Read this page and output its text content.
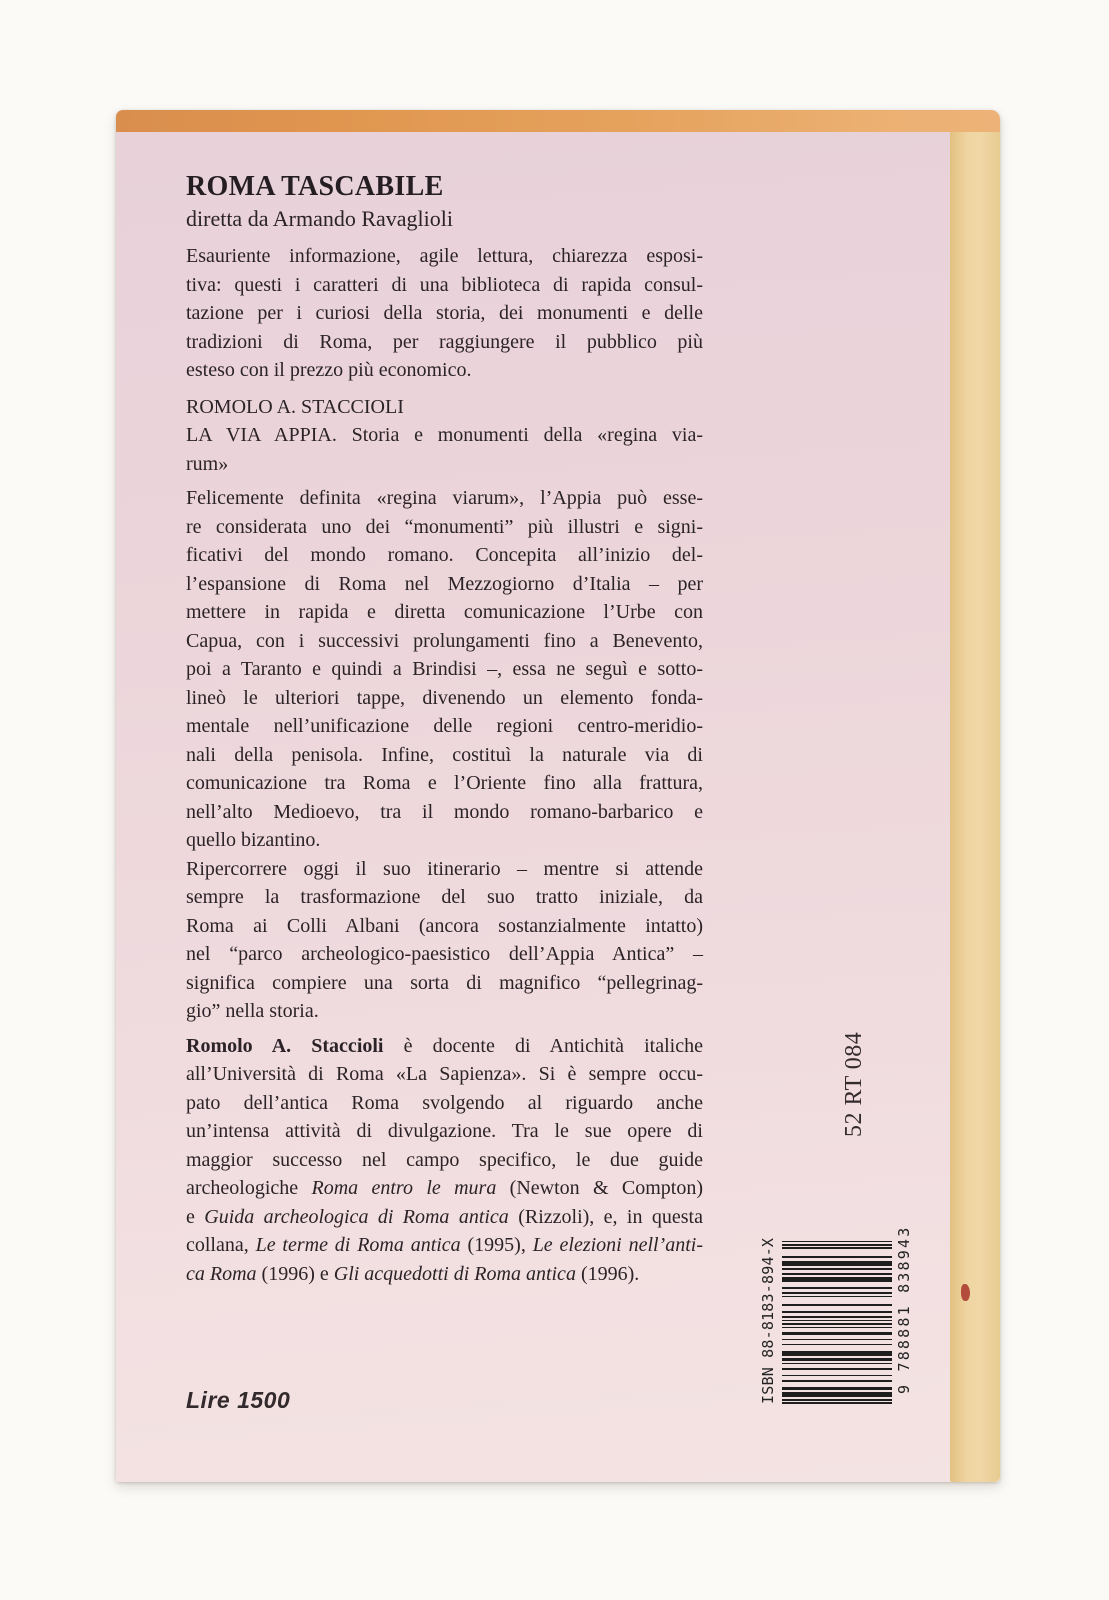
ROMA TASCABILE
diretta da Armando Ravaglioli
Esauriente informazione, agile lettura, chiarezza esposi-
tiva: questi i caratteri di una biblioteca di rapida consul-
tazione per i curiosi della storia, dei monumenti e delle
tradizioni di Roma, per raggiungere il pubblico più
esteso con il prezzo più economico.
ROMOLO A. STACCIOLI
LA VIA APPIA. Storia e monumenti della «regina via-
rum»
Felicemente definita «regina viarum», l’Appia può esse-
re considerata uno dei “monumenti” più illustri e signi-
ficativi del mondo romano. Concepita all’inizio del-
l’espansione di Roma nel Mezzogiorno d’Italia – per
mettere in rapida e diretta comunicazione l’Urbe con
Capua, con i successivi prolungamenti fino a Benevento,
poi a Taranto e quindi a Brindisi –, essa ne seguì e sotto-
lineò le ulteriori tappe, divenendo un elemento fonda-
mentale nell’unificazione delle regioni centro-meridio-
nali della penisola. Infine, costituì la naturale via di
comunicazione tra Roma e l’Oriente fino alla frattura,
nell’alto Medioevo, tra il mondo romano-barbarico e
quello bizantino.
Ripercorrere oggi il suo itinerario – mentre si attende
sempre la trasformazione del suo tratto iniziale, da
Roma ai Colli Albani (ancora sostanzialmente intatto)
nel “parco archeologico-paesistico dell’Appia Antica” –
significa compiere una sorta di magnifico “pellegrinag-
gio” nella storia.
Romolo A. Staccioli è docente di Antichità italiche
all’Università di Roma «La Sapienza». Si è sempre occu-
pato dell’antica Roma svolgendo al riguardo anche
un’intensa attività di divulgazione. Tra le sue opere di
maggior successo nel campo specifico, le due guide
archeologiche Roma entro le mura (Newton & Compton)
e Guida archeologica di Roma antica (Rizzoli), e, in questa
collana, Le terme di Roma antica (1995), Le elezioni nell’anti-
ca Roma (1996) e Gli acquedotti di Roma antica (1996).
Lire 1500
52 RT 084
ISBN 88-8183-894-X	9 788881 838943
